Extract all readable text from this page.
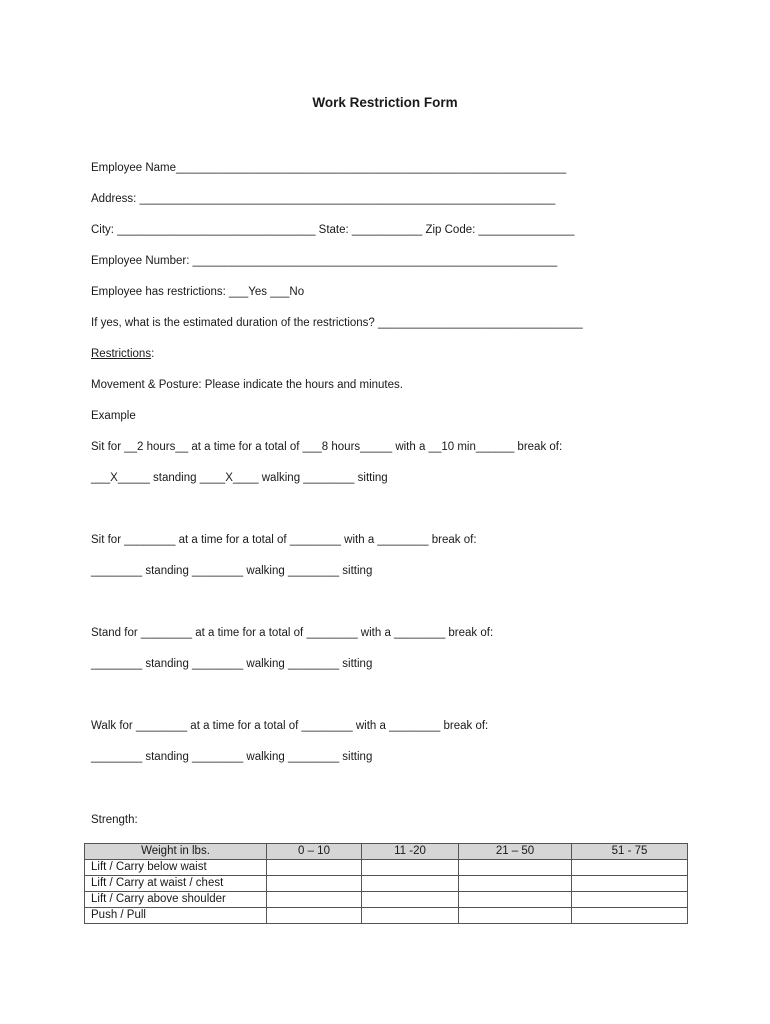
Work Restriction Form
Employee Name_____________________________________________________________
Address: _________________________________________________________________
City: _______________________________ State: ___________ Zip Code: _______________
Employee Number: _________________________________________________________
Employee has restrictions: ___Yes ___No
If yes, what is the estimated duration of the restrictions? ________________________________
Restrictions:
Movement & Posture: Please indicate the hours and minutes.
Example
Sit for __2 hours__ at a time for a total of ___8 hours_____ with a __10 min______ break of:
___X_____ standing ____X____ walking ________ sitting
Sit for ________ at a time for a total of ________ with a ________ break of:
________ standing ________ walking ________ sitting
Stand for ________ at a time for a total of ________ with a ________ break of:
________ standing ________ walking ________ sitting
Walk for ________ at a time for a total of ________ with a ________ break of:
________ standing ________ walking ________ sitting
Strength:
Weight in lbs.	0 – 10	11 -20	21 – 50	51 - 75
Lift / Carry below waist				
Lift / Carry at waist / chest				
Lift / Carry above shoulder				
Push / Pull				
